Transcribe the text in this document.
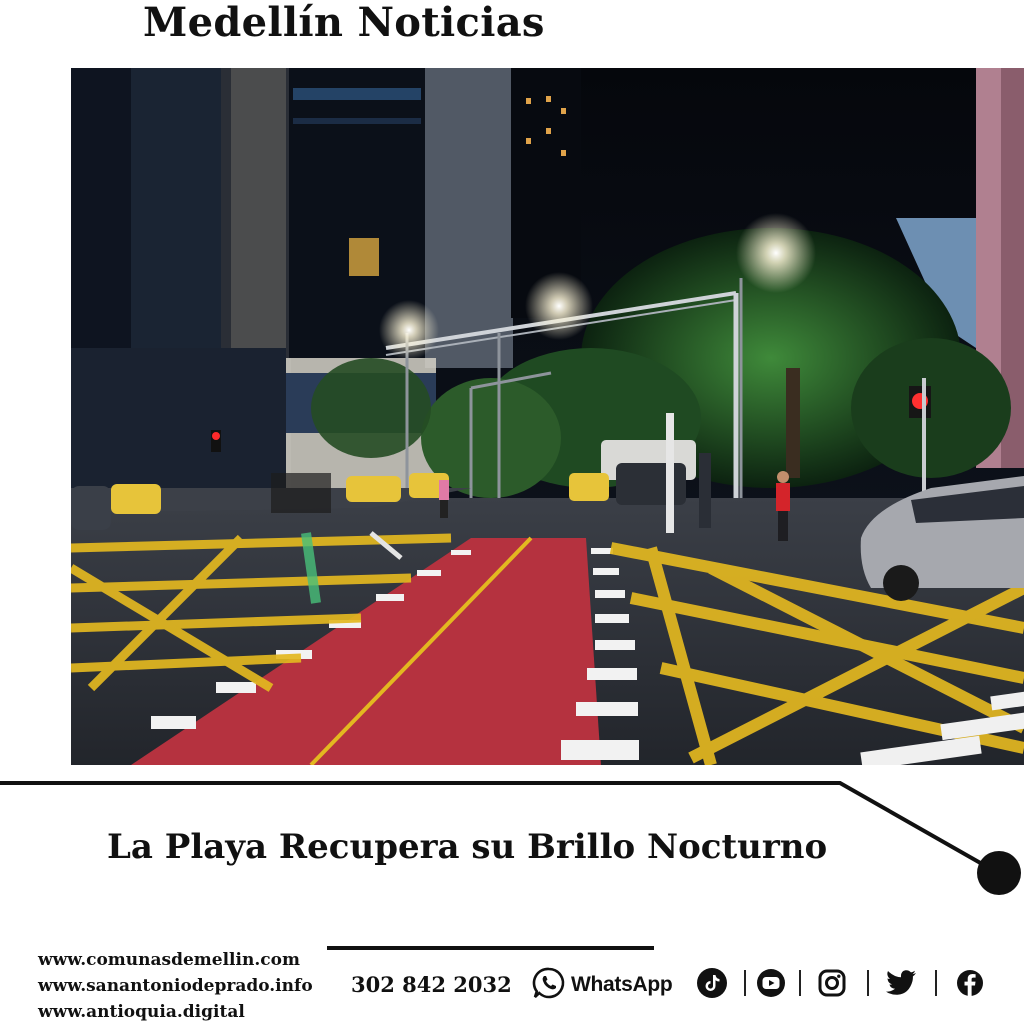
Medellín Noticias
La Playa Recupera su Brillo Nocturno
www.comunasdemellin.com
www.sanantoniodeprado.info
www.antioquia.digital
302 842 2032	WhatsApp
